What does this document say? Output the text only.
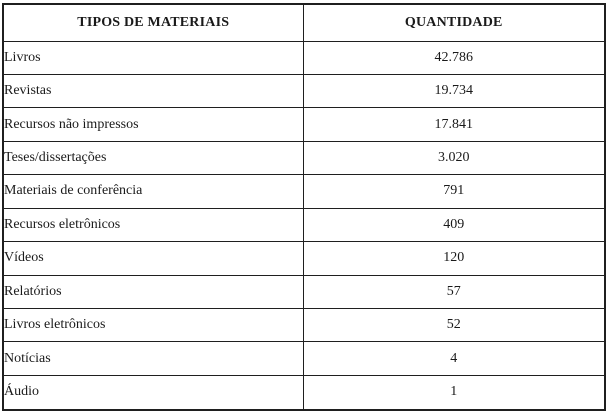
TIPOS DE MATERIAIS	QUANTIDADE
Livros	42.786
Revistas	19.734
Recursos não impressos	17.841
Teses/dissertações	3.020
Materiais de conferência	791
Recursos eletrônicos	409
Vídeos	120
Relatórios	57
Livros eletrônicos	52
Notícias	4
Áudio	1
